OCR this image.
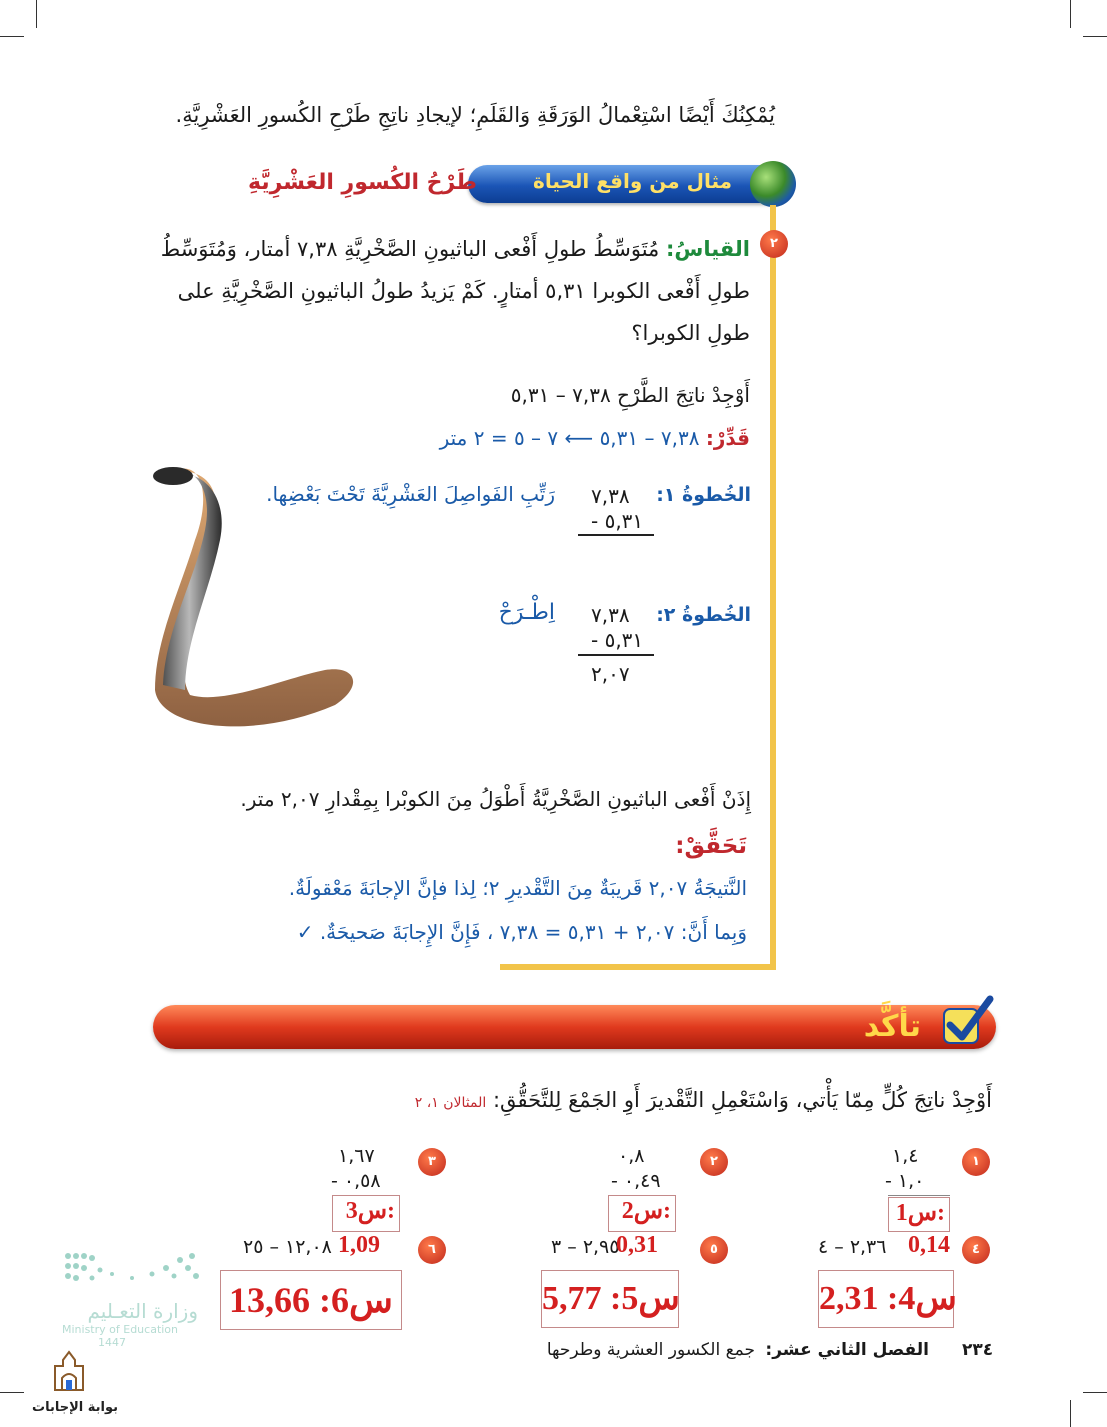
يُمْكِنُكَ أَيْضًا اسْتِعْمالُ الوَرَقَةِ وَالقَلَمِ؛ لإيجادِ ناتِجِ طَرْحِ الكُسورِ العَشْرِيَّةِ.
مثال من واقع الحياة
طَرْحُ الكُسورِ العَشْرِيَّةِ
٢
القياسُ: مُتَوَسِّطُ طولِ أَفْعى الباثيونِ الصَّخْرِيَّةِ ٧,٣٨ أمتار، وَمُتَوَسِّطُ طولِ أَفْعى الكوبرا ٥,٣١ أمتارٍ. كَمْ يَزيدُ طولُ الباثيونِ الصَّخْرِيَّةِ على طولِ الكوبرا؟
أَوْجِدْ ناتِجَ الطَّرْحِ ٧,٣٨ – ٥,٣١
قَدِّرْ: ٧,٣٨ – ٥,٣١ ⟵ ٧ – ٥ = ٢ متر
الخُطوةُ ١:
٧,٣٨
- ٥,٣١
رَتِّبِ الفَواصِلَ العَشْرِيَّةَ تَحْتَ بَعْضِها.
الخُطوةُ ٢:
٧,٣٨
- ٥,٣١
٢,٠٧
اِطْـرَحْ
إِذَنْ أَفْعى الباثيونِ الصَّخْرِيَّةُ أَطْوَلُ مِنَ الكوبْرا بِمِقْدارِ ٢,٠٧ متر.
تَحَقَّقْ:
النَّتيجَةُ ٢,٠٧ قَريبَةٌ مِنَ التَّقْديرِ ٢؛ لِذا فإنَّ الإجابَةَ مَعْقولَةٌ.
وَبِما أَنَّ: ٢,٠٧ + ٥,٣١ = ٧,٣٨ ، فَإِنَّ الإِجابَةَ صَحيحَةٌ. ✓
تأكَّد
أَوْجِدْ ناتِجَ كُلٍّ مِمّا يَأْتي، وَاسْتَعْمِلِ التَّقْديرَ أَوِ الجَمْعَ لِلتَّحَقُّقِ: المثالان ١، ٢
١
١,٤
- ١,٠
س1:
٢
٠,٨
- ٠,٤٩
س2:
٣
١,٦٧
- ٠,٥٨
س3:
٤
٢,٣٦ – ٤ 0,14
س4: 2,31
٥
٢,٩٥ – ٣
0,31
س5: 5,77
٦
١٢,٠٨ – ٢٥ 1,09
س6: 13,66
وزارة التعـليم
Ministry of Education
1447
بوابة الإجابات
٢٣٤
الفصل الثاني عشر:
جمع الكسور العشرية وطرحها
